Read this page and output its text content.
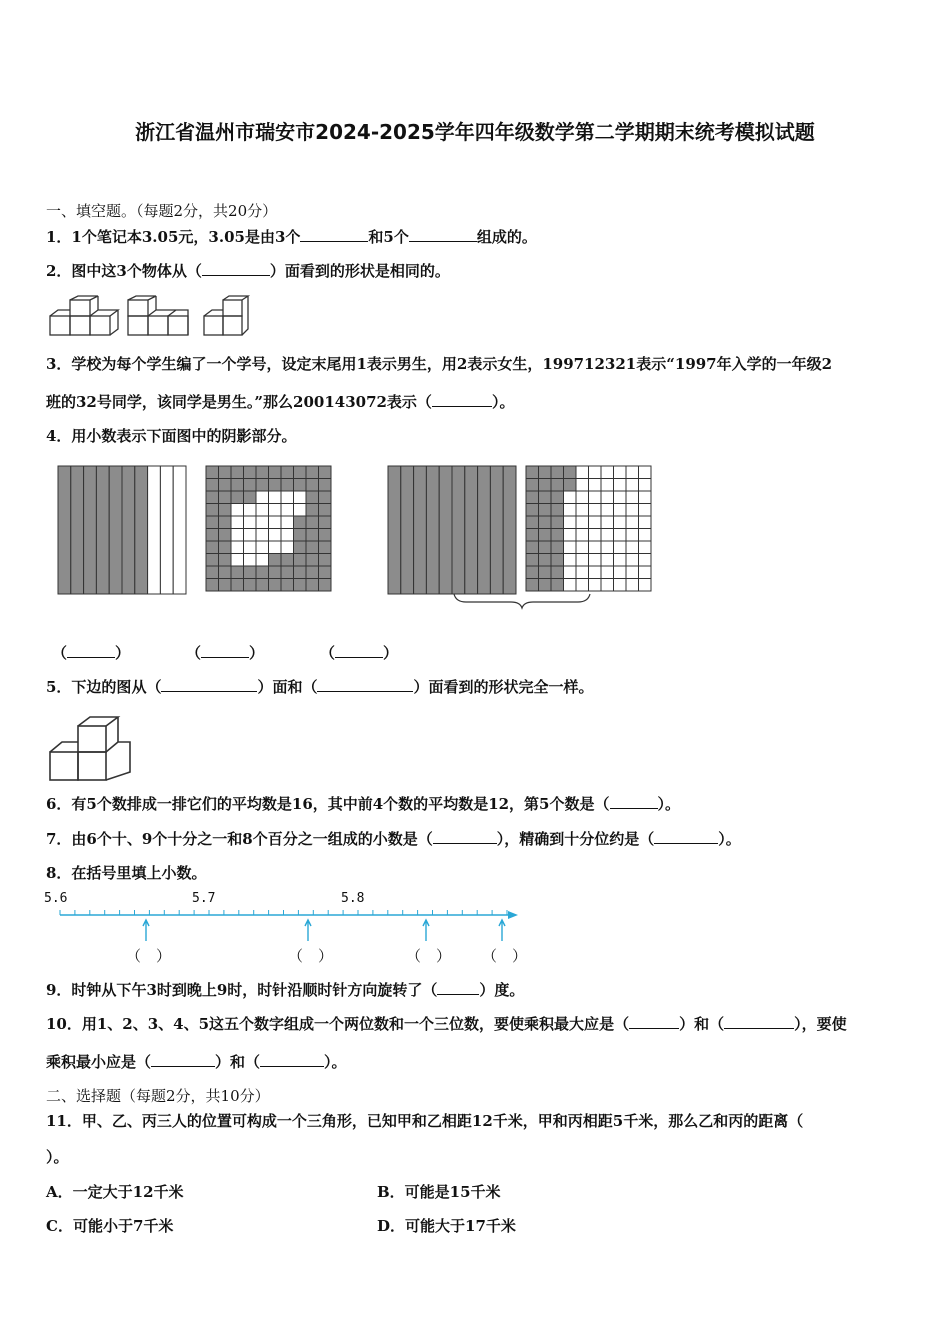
浙江省温州市瑞安市2024-2025学年四年级数学第二学期期末统考模拟试题
一、填空题。（每题2分，共20分）
1．1个笔记本3.05元，3.05是由3个	和5个	组成的。
2．图中这3个物体从（	）面看到的形状是相同的。
3．学校为每个学生编了一个学号，设定末尾用1表示男生，用2表示女生，199712321表示“1997年入学的一年级2
班的32号同学，该同学是男生。”那么200143072表示（	）。
4．用小数表示下面图中的阴影部分。
（	）	（	）	（	）
5．下边的图从（	）面和（	）面看到的形状完全一样。
6．有5个数排成一排它们的平均数是16，其中前4个数的平均数是12，第5个数是（	）。
7．由6个十、9个十分之一和8个百分之一组成的小数是（	），精确到十分位约是（	）。
8．在括号里填上小数。
5.6	5.7	5.8
（　）	（　）	（　） （　）
9．时钟从下午3时到晚上9时，时针沿顺时针方向旋转了（	）度。
10．用1、2、3、4、5这五个数字组成一个两位数和一个三位数，要使乘积最大应是（	）和（	），要使
乘积最小应是（	）和（	）。
二、选择题（每题2分，共10分）
11．甲、乙、丙三人的位置可构成一个三角形，已知甲和乙相距12千米，甲和丙相距5千米，那么乙和丙的距离（
）。
A．一定大于12千米	B．可能是15千米
C．可能小于7千米	D．可能大于17千米
